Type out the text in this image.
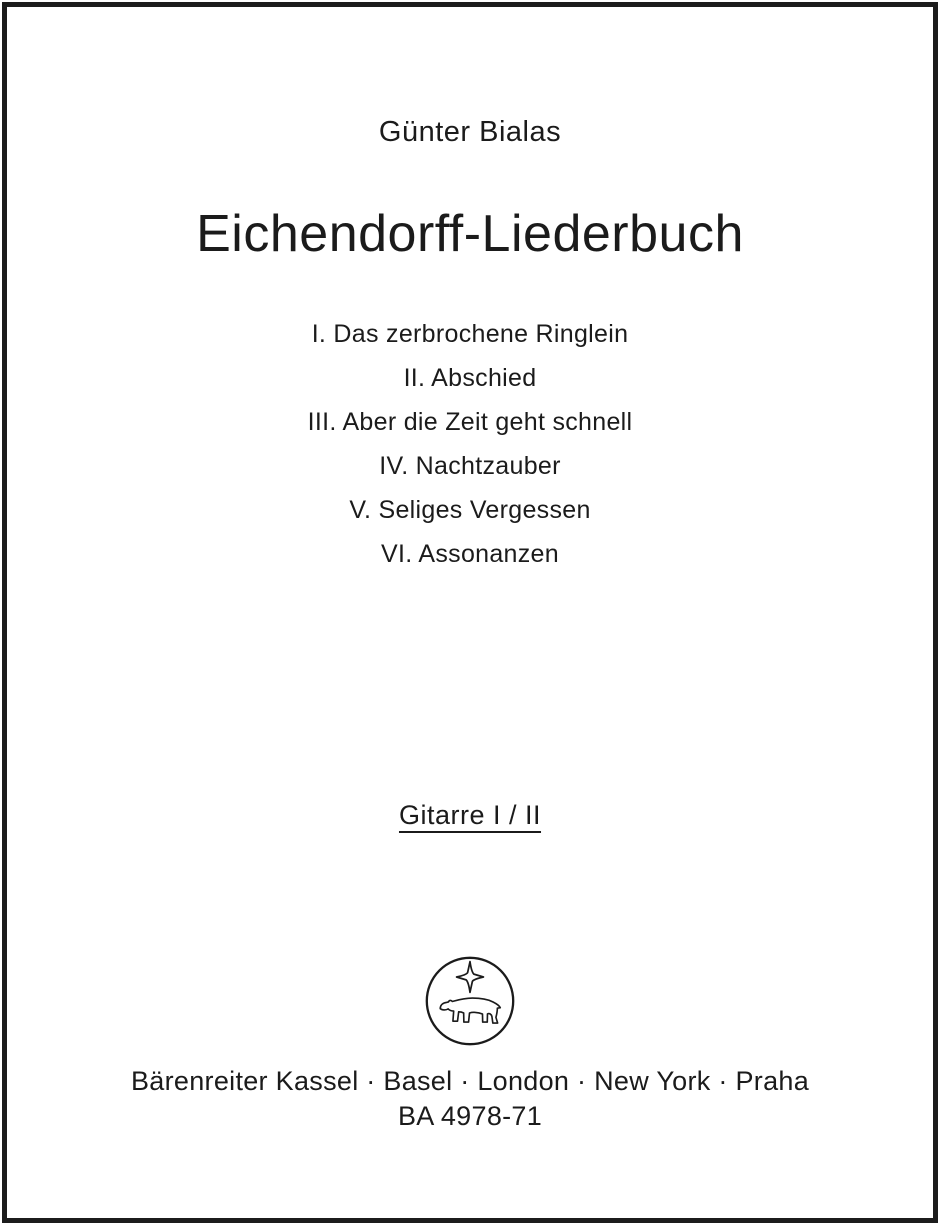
Günter Bialas
Eichendorff-Liederbuch
I. Das zerbrochene Ringlein
II. Abschied
III. Aber die Zeit geht schnell
IV. Nachtzauber
V. Seliges Vergessen
VI. Assonanzen
Gitarre I / II
Bärenreiter Kassel · Basel · London · New York · Praha
BA 4978-71
